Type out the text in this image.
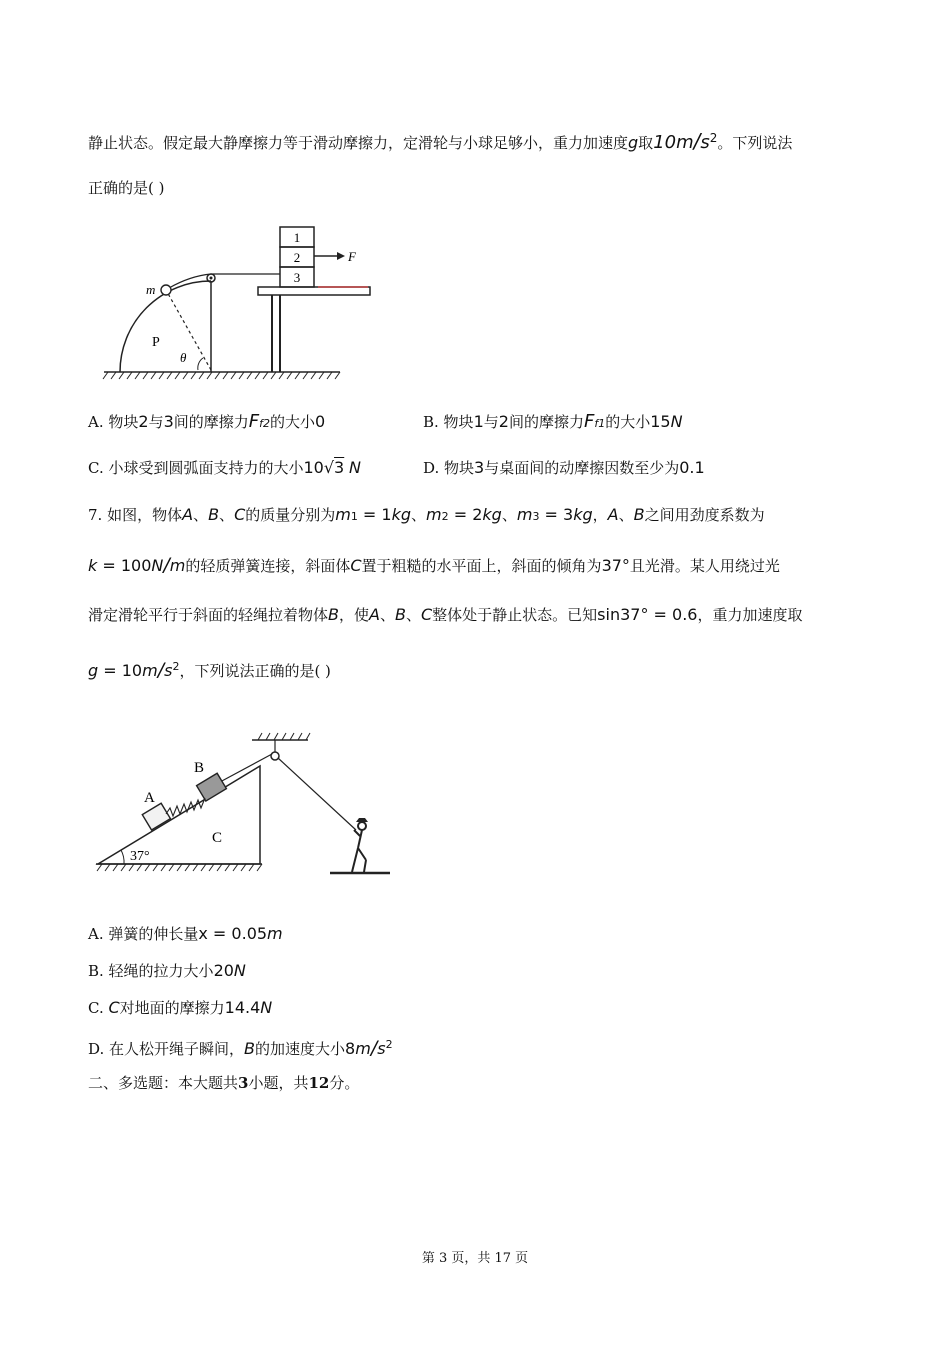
静止状态。假定最大静摩擦力等于滑动摩擦力，定滑轮与小球足够小，重力加速度g取$10m/s^2$。下列说法
正确的是( )
1
2
3
F
m
P
θ
A. 物块2与3间的摩擦力Ff2的大小0	B. 物块1与2间的摩擦力Ff1的大小15N
C. 小球受到圆弧面支持力的大小10√3 N	D. 物块3与桌面间的动摩擦因数至少为0.1
7. 如图，物体A、B、C的质量分别为m1 = 1kg、m2 = 2kg、m3 = 3kg，A、B之间用劲度系数为
k = 100N/m的轻质弹簧连接，斜面体C置于粗糙的水平面上，斜面的倾角为37°且光滑。某人用绕过光
滑定滑轮平行于斜面的轻绳拉着物体B，使A、B、C整体处于静止状态。已知sin37° = 0.6，重力加速度取
$g = 10m/s^2$，下列说法正确的是( )
A
B
C
37°
A. 弹簧的伸长量x = 0.05m
B. 轻绳的拉力大小20N
C. C对地面的摩擦力14.4N
D. 在人松开绳子瞬间，B的加速度大小$8m/s^2$
二、多选题：本大题共3小题，共12分。
第 3 页，共 17 页
